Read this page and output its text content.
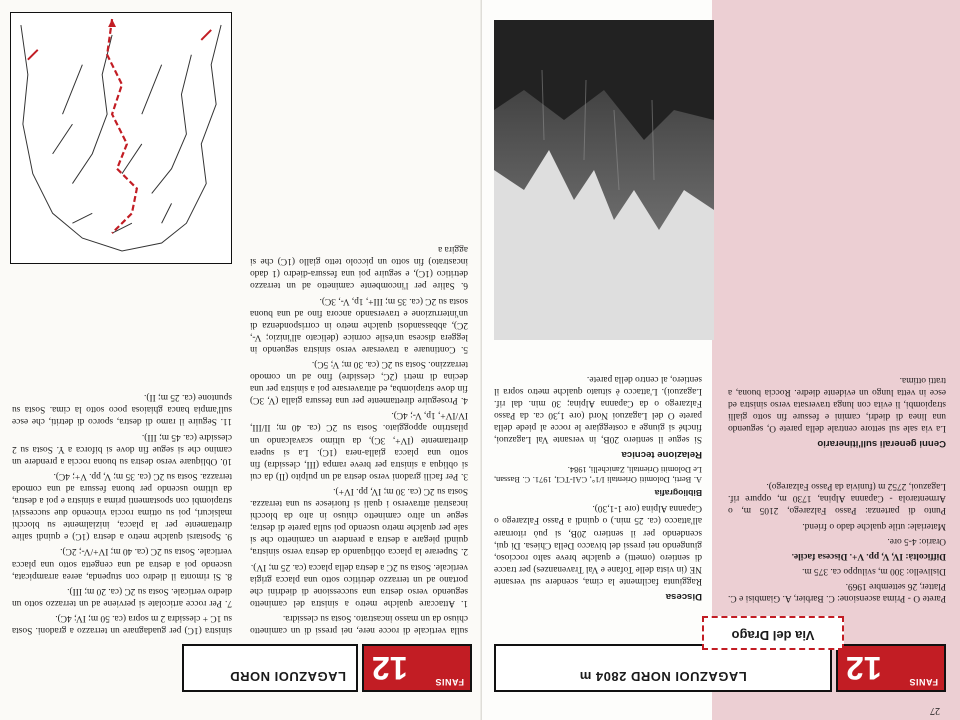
27
FANIS
12
LAGAZUOI NORD 2804 m
Via del Drago

Parete O - Prima ascensione: C. Barbier, A. Giambisi e C. Platter, 26 settembre 1969.

Dislivello: 300 m, sviluppo ca. 375 m.

Difficoltà: IV, V, pp. V+. Discesa facile.

Orario: 4-5 ore.

Materiale: utile qualche dado o friend.

Punto di partenza: Passo Falzarego, 2105 m, o Armentarola - Capanna Alpina, 1730 m, oppure rif. Lagazuoi, 2752 m (funivia da Passo Falzarego).

Cenni generali sull'itinerario

La via sale sul settore centrale della parete O, seguendo una linea di diedri, camini e fessure fin sotto gialli strapiombi, li evita con lunga traversata verso sinistra ed esce in vetta lungo un evidente diedre. Roccia buona, a tratti ottima.

Discesa

Raggiunta facilmente la cima, scendere sul versante NE (in vista delle Tofane e Val Travenanzes) per tracce di sentiero (ometti) e qualche breve salto roccioso, giungendo nei pressi del bivacco Della Chiesa. Di qui, scendendo per il sentiero 20B, si può ritornare all'attacco (ca. 25 min.) o quindi a Passo Falzarego o Capanna Alpina (ore 1-1,30).

Bibliografia

A. Berti, Dolomiti Orientali I/1°, CAI-TCI, 1971. C. Bassan, Le Dolomiti Orientali, Zanichelli, 1984.

Relazione tecnica

Si segue il sentiero 20B, in versante Val Lagazuoi, finché si giunge a costeggiare le rocce al piede della parete O del Lagazuoi Nord (ore 1,30 ca. da Passo Falzarego o da Capanna Alpina; 30 min. dal rif. Lagazuoi). L'attacco è situato qualche metro sopra il sentiero, al centro della parete.

FANIS
12
LAGAZUOI NORD

sulla verticale di rocce nere, nei pressi di un caminetto chiuso da un masso incastrato. Sosta su clessidra.

1. Attaccare qualche metro a sinistra del caminetto seguendo verso destra una successione di diedrini che portano ad un terrazzo detritico sotto una placca grigia verticale. Sosta su 2C a destra della placca (ca. 25 m; IV).

2. Superare la placca obliquando da destra verso sinistra, quindi piegare a destra a prendere un caminetto che si sale per qualche metro uscendo poi sulla parete di destra; segue un altro caminetto chiuso in alto da blocchi incastrati attraverso i quali si fuoriesce su una terrazza. Sosta su 2C (ca. 30 m; IV, pp. IV+).

3. Per facili gradoni verso destra ad un pulpito (II) da cui si obliqua a sinistra per breve rampa (III, clessidra) fin sotto una placca gialla-nera (1C). La si supera direttamente (IV+, 3C), da ultimo scavalcando un pilastrino appoggiato. Sosta su 2C (ca. 40 m; II/III, IV/IV+, 1p, V-; 4C).

4. Proseguire direttamente per una fessura gialla (V, 3C) fin dove strapiomba, ed attraversare poi a sinistra per una decina di metri (2C, clessidre) fino ad un comodo terrazzino. Sosta su 2C (ca. 30 m; V; 5C).

5. Continuare a traversare verso sinistra seguendo in leggera discesa un'esile cornice (delicato all'inizio; V-, 2C), abbassandosi qualche metro in corrispondenza di un'interruzione e traversando ancora fino ad una buona sosta su 2C (ca. 35 m; III+, 1p, V-, 3C).

6. Salire per l'incombente caminetto ad un terrazzo detritico (1C), e seguire poi una fessura-diedro (1 dado incastrato) fin sotto un piccolo tetto giallo (1C) che si aggira a

sinistra (1C) per guadagnare un terrazzo a gradoni. Sosta su 1C + clessidra 2 m sopra (ca. 50 m; IV; 4C).

7. Per rocce articolate si perviene ad un terrazzo sotto un diedro verticale. Sosta su 2C (ca. 20 m; III).

8. Si rimonta il diedro con stupenda, aerea arrampicata, uscendo poi a destra ad una cengetta sotto una placca verticale. Sosta su 2C (ca. 40 m; IV+/V-; 2C).

9. Spostarsi qualche metro a destra (1C) e quindi salire direttamente per la placca, inizialmente su blocchi malsicuri, poi su ottima roccia vincendo due successivi strapiombi con spostamenti prima a sinistra e poi a destra, da ultimo uscendo per buona fessura ad una comoda terrazza. Sosta su 2C (ca. 35 m; V, pp. V+; 4C).

10. Obliquare verso destra su buona roccia a prendere un camino che si segue fin dove si biforca a Y. Sosta su 2 clessidre (ca. 45 m; III).

11. Seguire il ramo di destra, sporco di detriti, che esce sull'ampia banca ghiaiosa poco sotto la cima. Sosta su spuntone (ca. 25 m; II).
